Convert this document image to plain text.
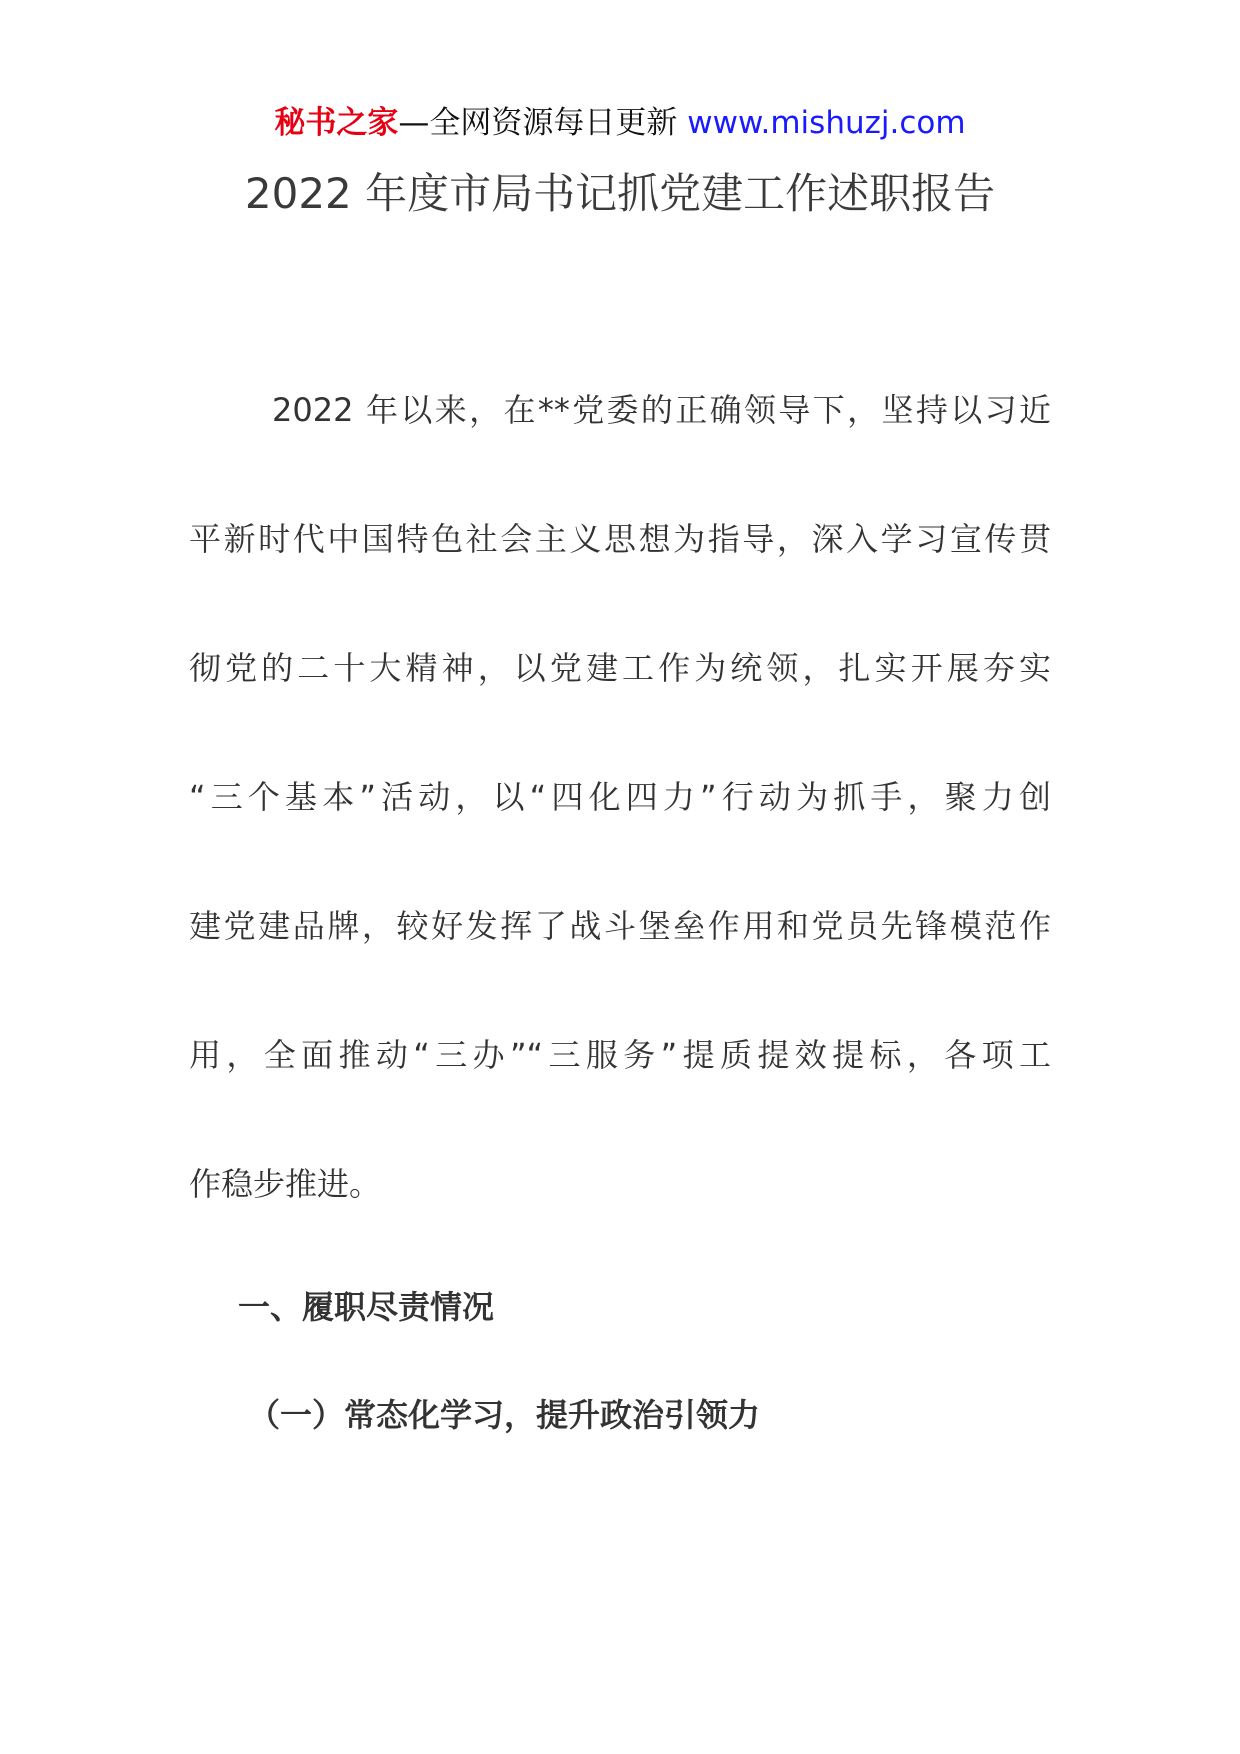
秘书之家—全网资源每日更新 www.mishuzj.com
2022 年度市局书记抓党建工作述职报告
2022 年以来，在**党委的正确领导下，坚持以习近
平新时代中国特色社会主义思想为指导，深入学习宣传贯
彻党的二十大精神，以党建工作为统领，扎实开展夯实
“三个基本”活动，以“四化四力”行动为抓手，聚力创
建党建品牌，较好发挥了战斗堡垒作用和党员先锋模范作
用，全面推动“三办”“三服务”提质提效提标，各项工
作稳步推进。
一、履职尽责情况
（一）常态化学习，提升政治引领力
